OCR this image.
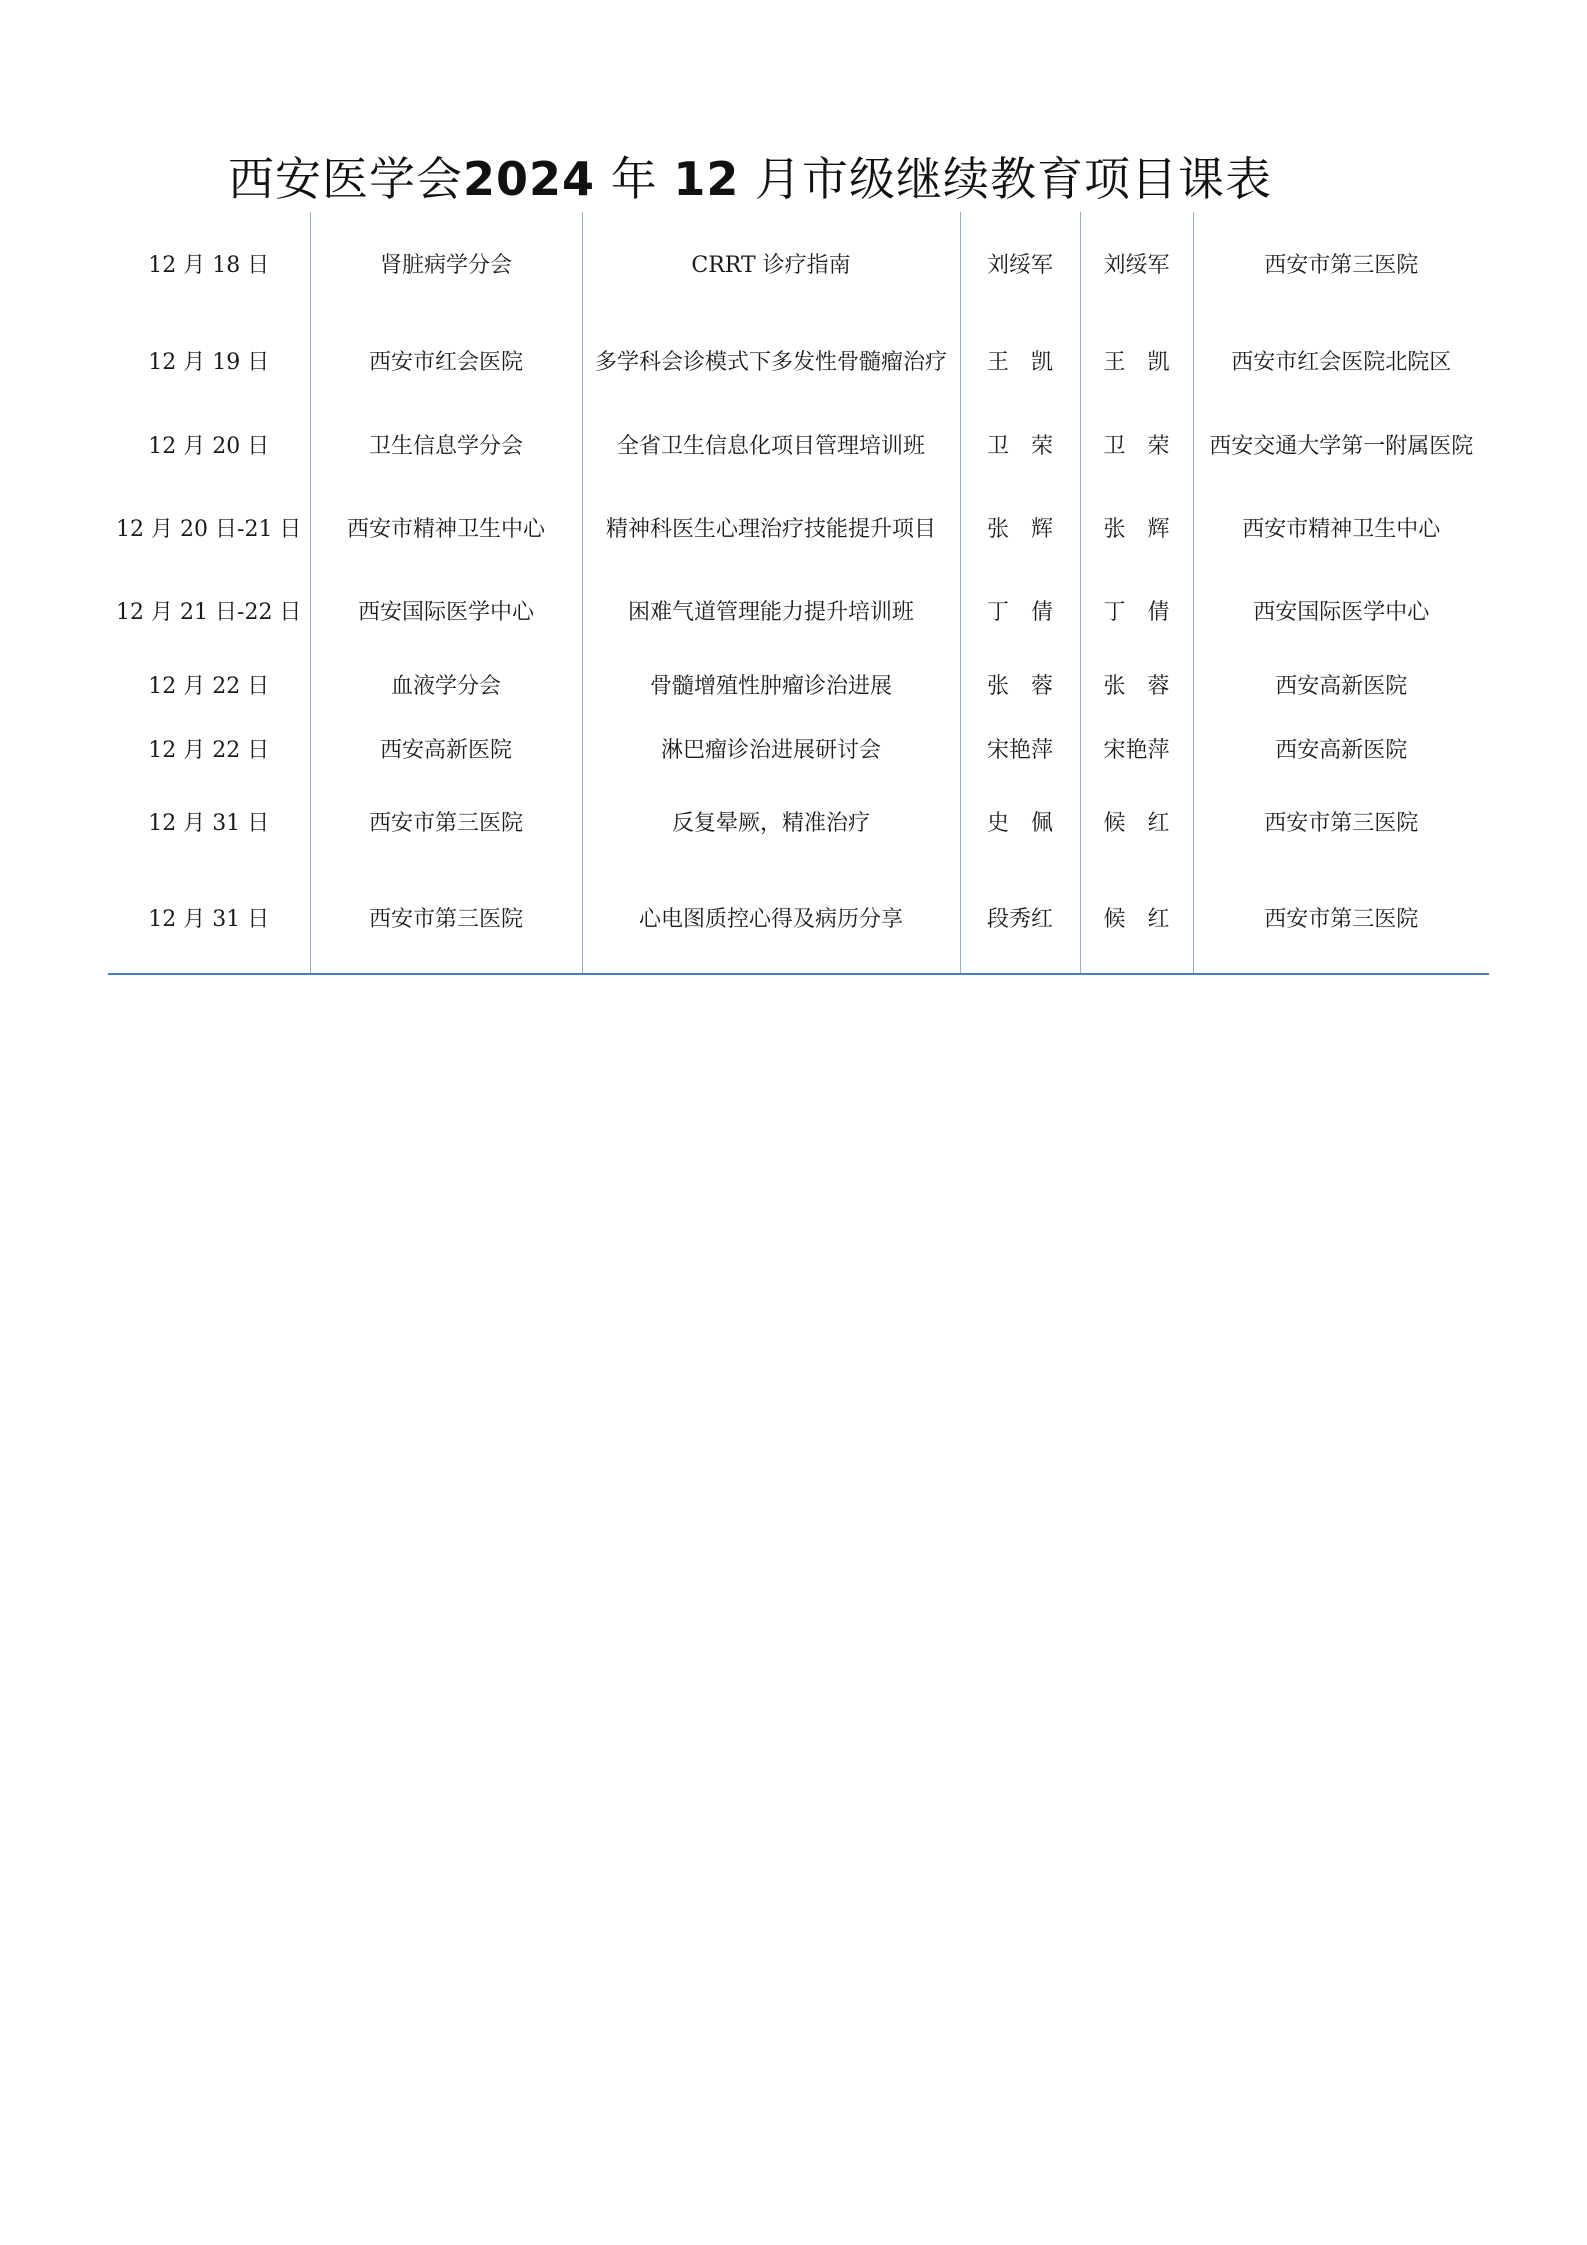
西安医学会2024 年 12 月市级继续教育项目课表
12 月 18 日	肾脏病学分会	CRRT 诊疗指南	刘绥军	刘绥军	西安市第三医院
12 月 19 日	西安市红会医院	多学科会诊模式下多发性骨髓瘤治疗	王　凯	王　凯	西安市红会医院北院区
12 月 20 日	卫生信息学分会	全省卫生信息化项目管理培训班	卫　荣	卫　荣	西安交通大学第一附属医院
12 月 20 日-21 日	西安市精神卫生中心	精神科医生心理治疗技能提升项目	张　辉	张　辉	西安市精神卫生中心
12 月 21 日-22 日	西安国际医学中心	困难气道管理能力提升培训班	丁　倩	丁　倩	西安国际医学中心
12 月 22 日	血液学分会	骨髓增殖性肿瘤诊治进展	张　蓉	张　蓉	西安高新医院
12 月 22 日	西安高新医院	淋巴瘤诊治进展研讨会	宋艳萍	宋艳萍	西安高新医院
12 月 31 日	西安市第三医院	反复晕厥，精准治疗	史　佩	候　红	西安市第三医院
12 月 31 日	西安市第三医院	心电图质控心得及病历分享	段秀红	候　红	西安市第三医院
